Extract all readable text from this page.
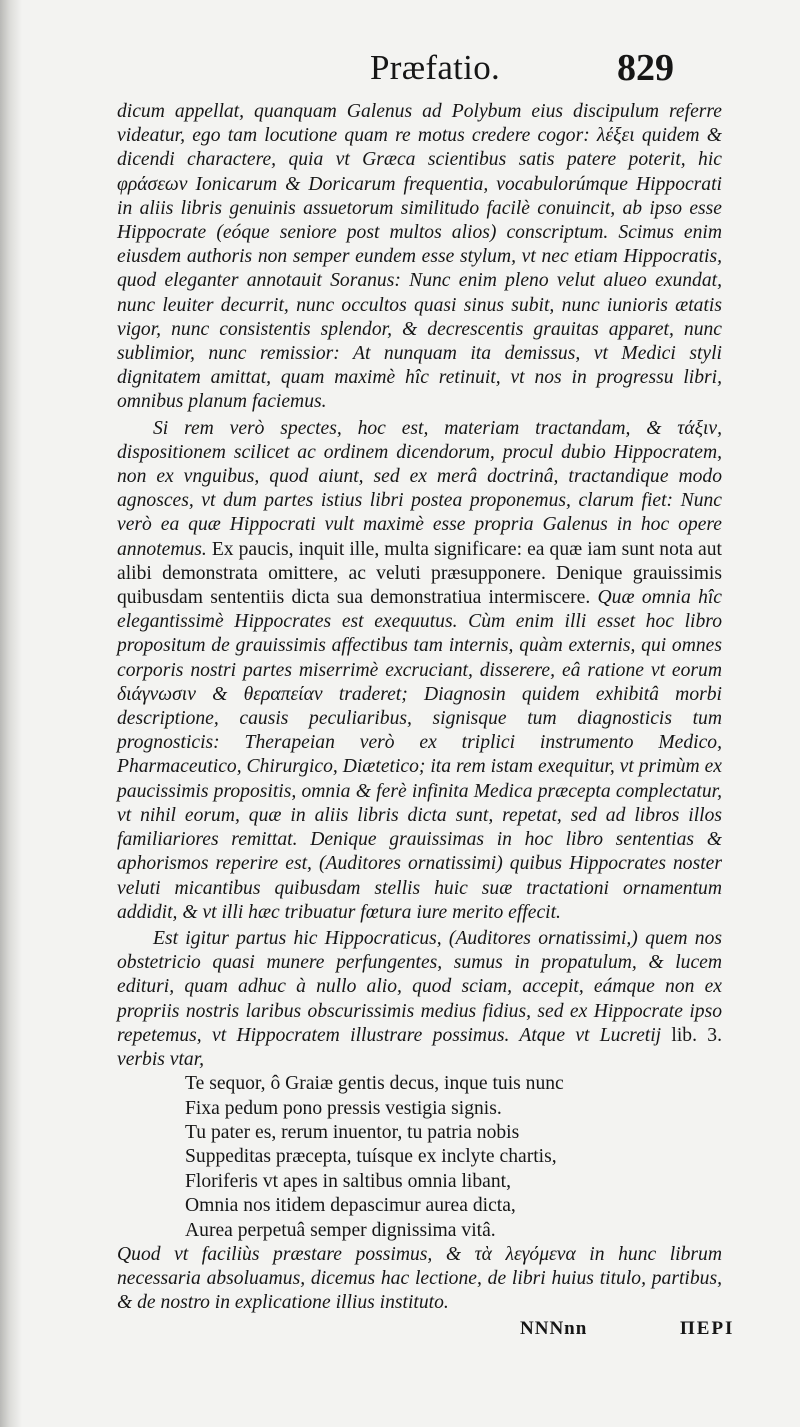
Præfatio.	829

dicum appellat, quanquam Galenus ad Polybum eius discipulum referre videatur, ego tam locutione quam re motus credere cogor: λέξει quidem & dicendi charactere, quia vt Græca scientibus satis patere poterit, hic φράσεων Ionicarum & Doricarum frequentia, vocabulorúmque Hippocrati in aliis libris genuinis assuetorum similitudo facilè conuincit, ab ipso esse Hippocrate (eóque seniore post multos alios) conscriptum. Scimus enim eiusdem authoris non semper eundem esse stylum, vt nec etiam Hippocratis, quod eleganter annotauit Soranus: Nunc enim pleno velut alueo exundat, nunc leuiter decurrit, nunc occultos quasi sinus subit, nunc iunioris ætatis vigor, nunc consistentis splendor, & decrescentis grauitas apparet, nunc sublimior, nunc remissior: At nunquam ita demissus, vt Medici styli dignitatem amittat, quam maximè hîc retinuit, vt nos in progressu libri, omnibus planum faciemus.

Si rem verò spectes, hoc est, materiam tractandam, & τάξιν, dispositionem scilicet ac ordinem dicendorum, procul dubio Hippocratem, non ex vnguibus, quod aiunt, sed ex merâ doctrinâ, tractandique modo agnosces, vt dum partes istius libri postea proponemus, clarum fiet: Nunc verò ea quæ Hippocrati vult maximè esse propria Galenus in hoc opere annotemus. Ex paucis, inquit ille, multa significare: ea quæ iam sunt nota aut alibi demonstrata omittere, ac veluti præsupponere. Denique grauissimis quibusdam sententiis dicta sua demonstratiua intermiscere. Quæ omnia hîc elegantissimè Hippocrates est exequutus. Cùm enim illi esset hoc libro propositum de grauissimis affectibus tam internis, quàm externis, qui omnes corporis nostri partes miserrimè excruciant, disserere, eâ ratione vt eorum διάγνωσιν & θεραπείαν traderet; Diagnosin quidem exhibitâ morbi descriptione, causis peculiaribus, signisque tum diagnosticis tum prognosticis: Therapeian verò ex triplici instrumento Medico, Pharmaceutico, Chirurgico, Diætetico; ita rem istam exequitur, vt primùm ex paucissimis propositis, omnia & ferè infinita Medica præcepta complectatur, vt nihil eorum, quæ in aliis libris dicta sunt, repetat, sed ad libros illos familiariores remittat. Denique grauissimas in hoc libro sententias & aphorismos reperire est, (Auditores ornatissimi) quibus Hippocrates noster veluti micantibus quibusdam stellis huic suæ tractationi ornamentum addidit, & vt illi hæc tribuatur fœtura iure merito effecit.

Est igitur partus hic Hippocraticus, (Auditores ornatissimi,) quem nos obstetricio quasi munere perfungentes, sumus in propatulum, & lucem edituri, quam adhuc à nullo alio, quod sciam, accepit, eámque non ex propriis nostris laribus obscurissimis medius fidius, sed ex Hippocrate ipso repetemus, vt Hippocratem illustrare possimus. Atque vt Lucretij lib. 3. verbis vtar,

Te sequor, ô Graiæ gentis decus, inque tuis nunc
Fixa pedum pono pressis vestigia signis.
Tu pater es, rerum inuentor, tu patria nobis
Suppeditas præcepta, tuísque ex inclyte chartis,
Floriferis vt apes in saltibus omnia libant,
Omnia nos itidem depascimur aurea dicta,
Aurea perpetuâ semper dignissima vitâ.

Quod vt faciliùs præstare possimus, & τὰ λεγόμενα in hunc librum necessaria absoluamus, dicemus hac lectione, de libri huius titulo, partibus, & de nostro in explicatione illius instituto.

NNNnn	ΠΕΡΙ
